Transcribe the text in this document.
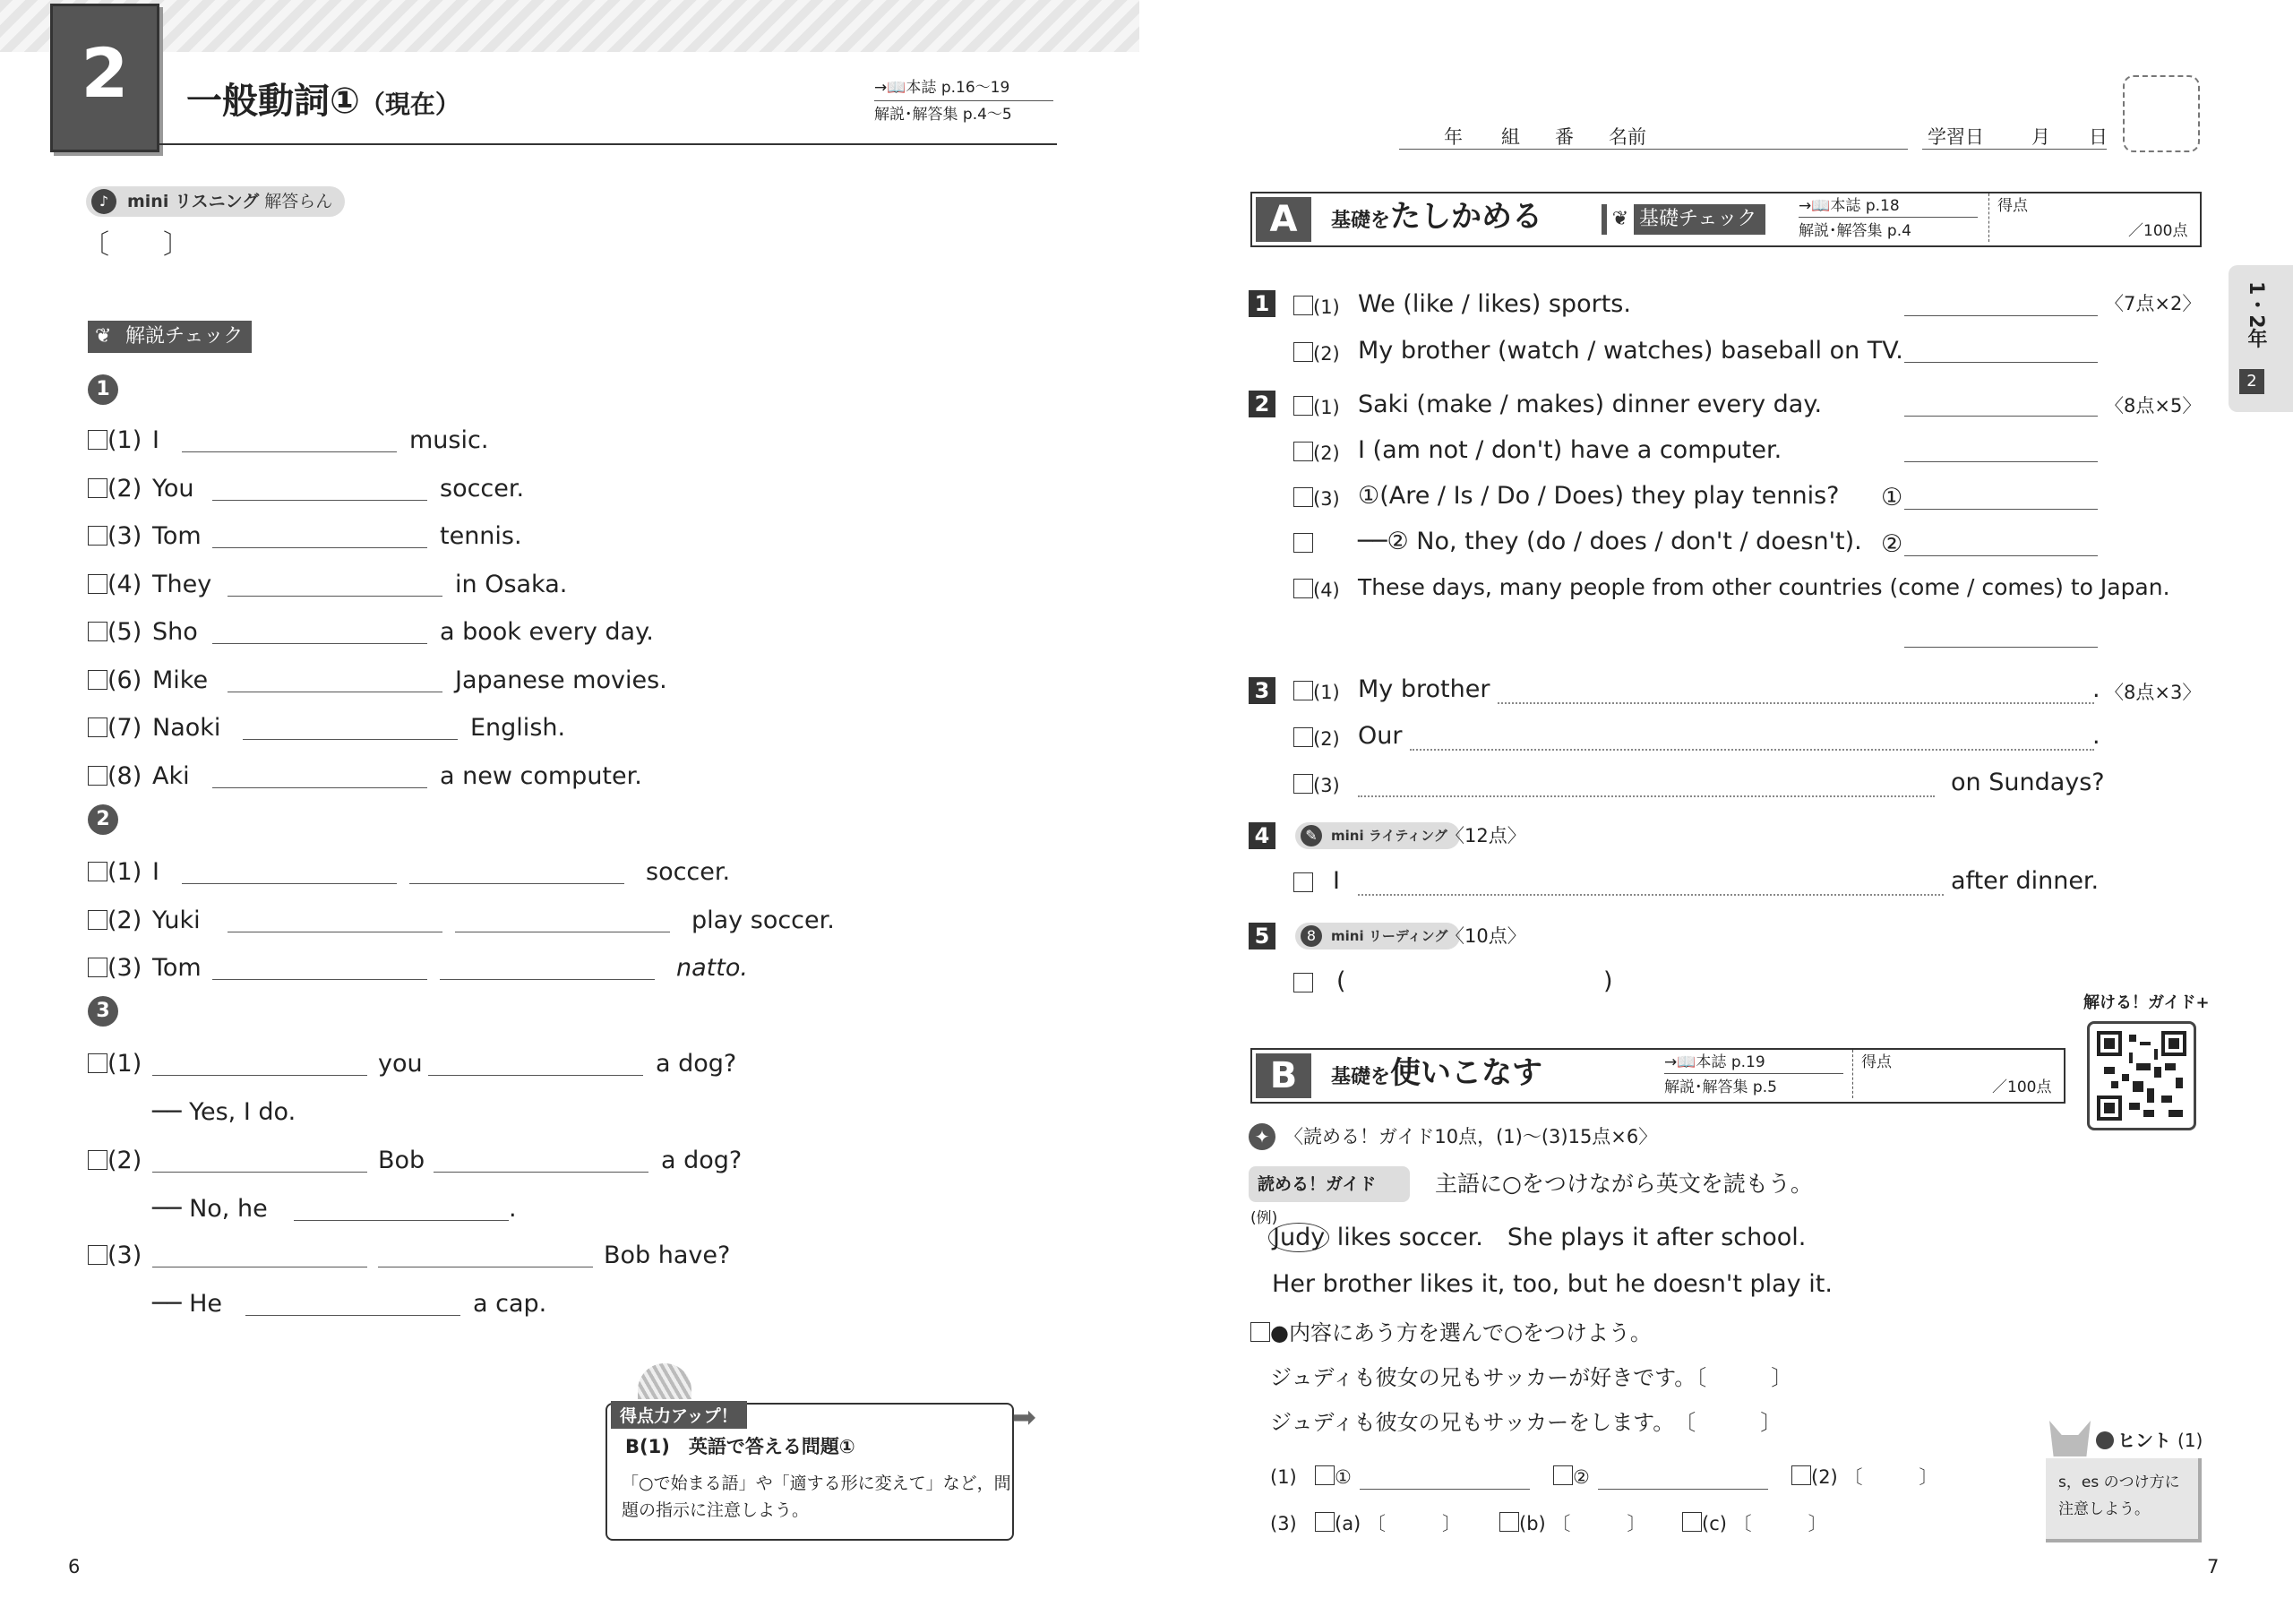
2	一般動詞①（現在）
→📖本誌 p.16〜19
解説･解答集 p.4〜5
♪	mini リスニング 解答らん
〔　　〕
❦ 解説チェック
1
(1) I	music.
(2) You	soccer.
(3) Tom	tennis.
(4) They	in Osaka.
(5) Sho	a book every day.
(6) Mike	Japanese movies.
(7) Naoki	English.
(8) Aki	a new computer.
2
(1) I	soccer.
(2) Yuki	play soccer.
(3) Tom	natto.
3
(1)	you	a dog?
── Yes, I do.
(2)	Bob	a dog?
── No, he	.
(3)	Bob have?
── He	a cap.
得点力アップ！
B(1)　英語で答える問題①
「○で始まる語」や「適する形に変えて」など，問
題の指示に注意しよう。
➡
6
年 組 番 名前	学習日	月 日
A	基礎をたしかめる	❦ 基礎チェック
→📖本誌 p.18
解説･解答集 p.4
得点
／100点
1	〈7点×2〉
(1) We (like / likes) sports.
(2) My brother (watch / watches) baseball on TV.
2	〈8点×5〉
(1) Saki (make / makes) dinner every day.
(2) I (am not / don't) have a computer.
(3) ①(Are / Is / Do / Does) they play tennis?
──② No, they (do / does / don't / doesn't).
(4) These days, many people from other countries (come / comes) to Japan.
①
②
3	〈8点×3〉
(1) My brother	.
(2) Our	.
(3)	on Sundays?
4	✎	mini ライティング
〈12点〉
I	after dinner.
5	8	mini リーディング
〈10点〉
(	)
解ける！ガイド+
B	基礎を使いこなす	→📖本誌 p.19
解説･解答集 p.5
得点
／100点
✦ 〈読める！ガイド10点，(1)〜(3)15点×6〉
読める！ガイド	主語に○をつけながら英文を読もう。
(例)
Judy likes soccer.　She plays it after school.
Her brother likes it, too, but he doesn't play it.
●内容にあう方を選んで○をつけよう。
ジュディも彼女の兄もサッカーが好きです。〔　　　〕
ジュディも彼女の兄もサッカーをします。　〔　　　〕
(1)	①	②	(2) 〔　　　〕
(3)	(a) 〔　　　〕	(b) 〔　　　〕	(c) 〔　　　〕
ヒント (1)
s，es のつけ方に
注意しよう。
1・2年
2
7
